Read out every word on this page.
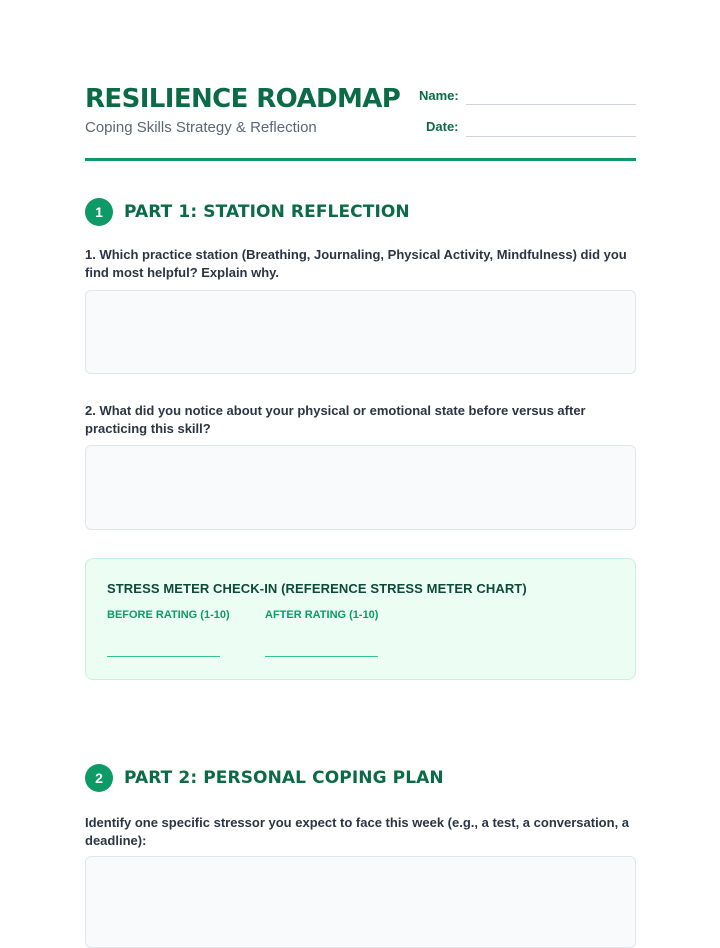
RESILIENCE ROADMAP
Coping Skills Strategy & Reflection
Name:
Date:
1	PART 1: STATION REFLECTION
1. Which practice station (Breathing, Journaling, Physical Activity, Mindfulness) did you find most helpful? Explain why.
2. What did you notice about your physical or emotional state before versus after practicing this skill?
STRESS METER CHECK-IN (REFERENCE STRESS METER CHART)
BEFORE RATING (1-10)	AFTER RATING (1-10)
2	PART 2: PERSONAL COPING PLAN
Identify one specific stressor you expect to face this week (e.g., a test, a conversation, a deadline):
